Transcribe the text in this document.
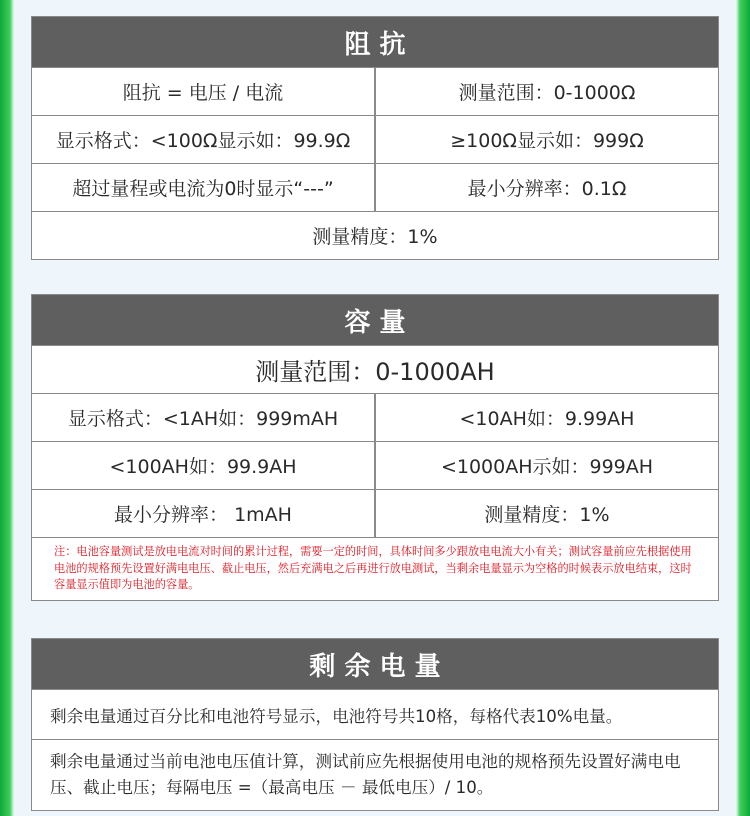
阻 抗
阻抗 = 电压 / 电流	测量范围：0-1000Ω
显示格式：<100Ω显示如：99.9Ω	≥100Ω显示如：999Ω
超过量程或电流为0时显示“---”	最小分辨率：0.1Ω
测量精度：1%
容 量
测量范围：0-1000AH
显示格式：<1AH如：999mAH	<10AH如：9.99AH
<100AH如：99.9AH	<1000AH示如：999AH
最小分辨率： 1mAH	测量精度：1%
注：电池容量测试是放电电流对时间的累计过程，需要一定的时间，具体时间多少跟放电电流大小有关；测试容量前应先根据使用电池的规格预先设置好满电电压、截止电压，然后充满电之后再进行放电测试，当剩余电量显示为空格的时候表示放电结束，这时容量显示值即为电池的容量。
剩 余 电 量
剩余电量通过百分比和电池符号显示，电池符号共10格，每格代表10%电量。
剩余电量通过当前电池电压值计算，测试前应先根据使用电池的规格预先设置好满电电压、截止电压；每隔电压 =（最高电压 － 最低电压）/ 10。
